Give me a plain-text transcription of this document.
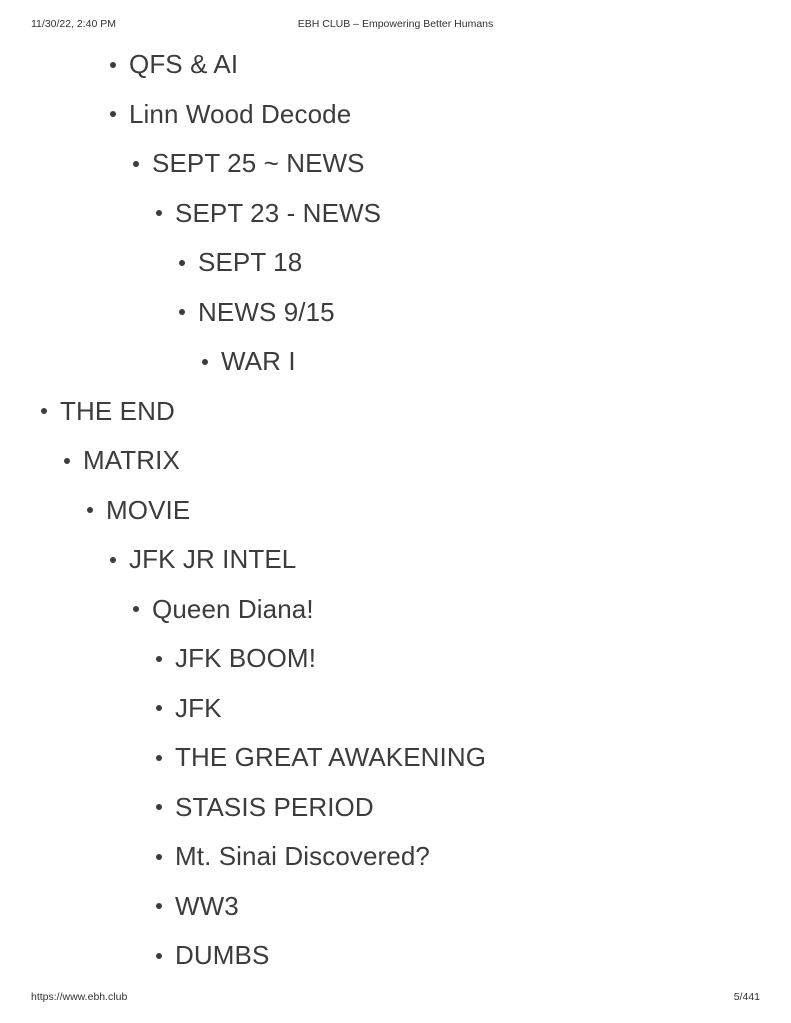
11/30/22, 2:40 PM	EBH CLUB – Empowering Better Humans
QFS & AI
Linn Wood Decode
SEPT 25 ~ NEWS
SEPT 23 - NEWS
SEPT 18
NEWS 9/15
WAR I
THE END
MATRIX
MOVIE
JFK JR INTEL
Queen Diana!
JFK BOOM!
JFK
THE GREAT AWAKENING
STASIS PERIOD
Mt. Sinai Discovered?
WW3
DUMBS
https://www.ebh.club	5/441
